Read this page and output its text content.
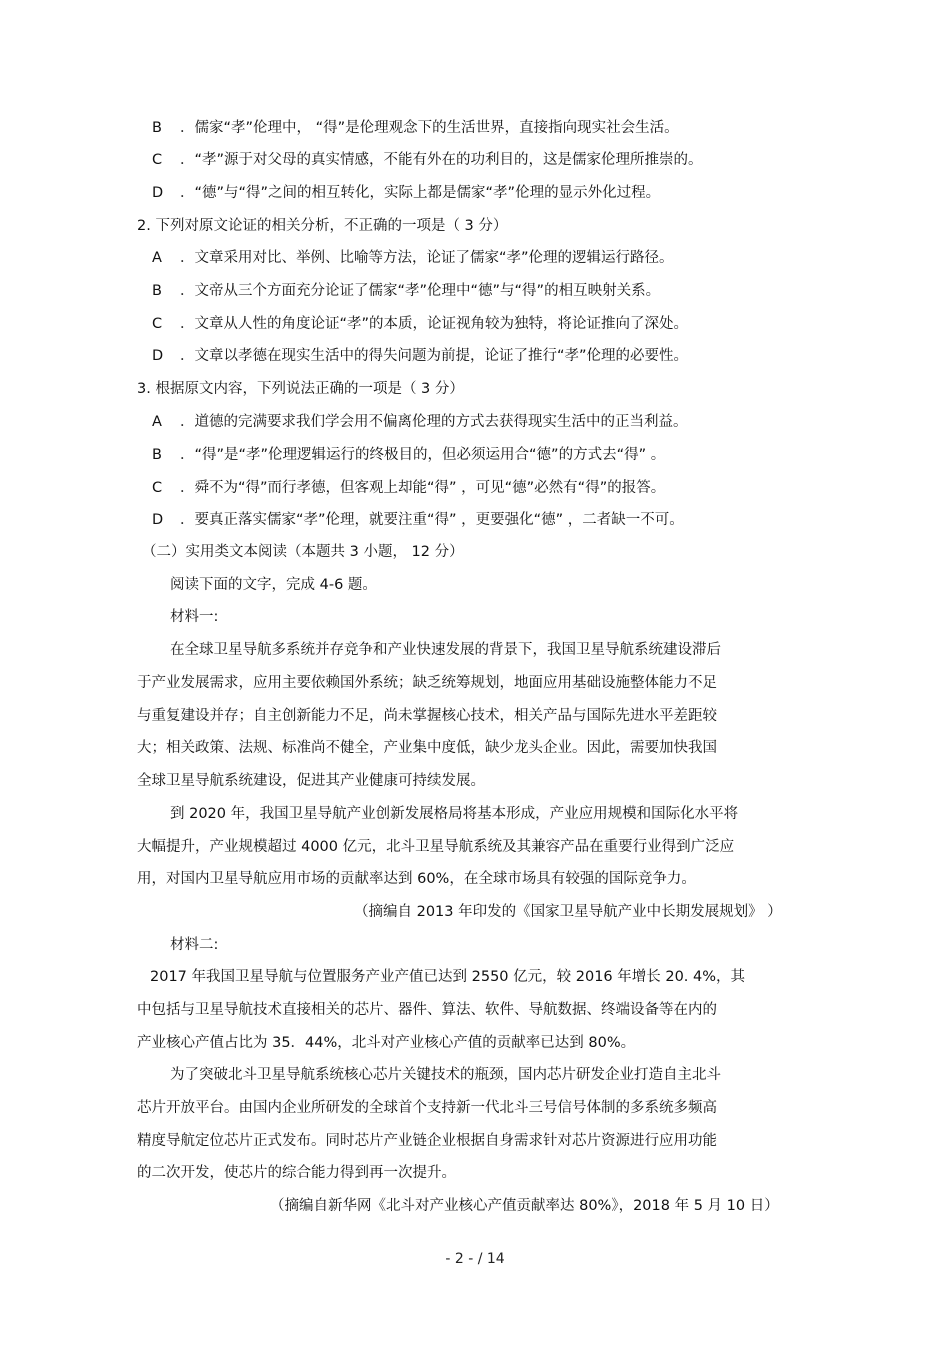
B ．儒家“孝”伦理中， “得”是伦理观念下的生活世界，直接指向现实社会生活。
C ．“孝”源于对父母的真实情感，不能有外在的功利目的，这是儒家伦理所推崇的。
D ．“德”与“得”之间的相互转化，实际上都是儒家“孝”伦理的显示外化过程。
2. 下列对原文论证的相关分析，不正确的一项是（ 3 分）
A ．文章采用对比、举例、比喻等方法，论证了儒家“孝”伦理的逻辑运行路径。
B ．文帝从三个方面充分论证了儒家“孝”伦理中“德”与“得”的相互映射关系。
C ．文章从人性的角度论证“孝”的本质，论证视角较为独特，将论证推向了深处。
D ．文章以孝德在现实生活中的得失问题为前提，论证了推行“孝”伦理的必要性。
3. 根据原文内容，下列说法正确的一项是（ 3 分）
A ．道德的完满要求我们学会用不偏离伦理的方式去获得现实生活中的正当利益。
B ．“得”是“孝”伦理逻辑运行的终极目的，但必须运用合“德”的方式去“得” 。
C ．舜不为“得”而行孝德，但客观上却能“得” ，可见“德”必然有“得”的报答。
D ．要真正落实儒家“孝”伦理，就要注重“得” ，更要强化“德” ，二者缺一不可。
（二）实用类文本阅读（本题共 3 小题， 12 分）
阅读下面的文字，完成 4-6 题。
材料一:
在全球卫星导航多系统并存竞争和产业快速发展的背景下，我国卫星导航系统建设滞后
于产业发展需求，应用主要依赖国外系统；缺乏统筹规划，地面应用基础设施整体能力不足
与重复建设并存；自主创新能力不足，尚未掌握核心技术，相关产品与国际先进水平差距较
大；相关政策、法规、标准尚不健全，产业集中度低，缺少龙头企业。因此，需要加快我国
全球卫星导航系统建设，促进其产业健康可持续发展。
到 2020 年，我国卫星导航产业创新发展格局将基本形成，产业应用规模和国际化水平将
大幅提升，产业规模超过 4000 亿元，北斗卫星导航系统及其兼容产品在重要行业得到广泛应
用，对国内卫星导航应用市场的贡献率达到 60%，在全球市场具有较强的国际竞争力。
（摘编自 2013 年印发的《国家卫星导航产业中长期发展规划》 ）
材料二:
2017 年我国卫星导航与位置服务产业产值已达到 2550 亿元，较 2016 年增长 20. 4%，其
中包括与卫星导航技术直接相关的芯片、器件、算法、软件、导航数据、终端设备等在内的
产业核心产值占比为 35．44%，北斗对产业核心产值的贡献率已达到 80%。
为了突破北斗卫星导航系统核心芯片关键技术的瓶颈，国内芯片研发企业打造自主北斗
芯片开放平台。由国内企业所研发的全球首个支持新一代北斗三号信号体制的多系统多频高
精度导航定位芯片正式发布。同时芯片产业链企业根据自身需求针对芯片资源进行应用功能
的二次开发，使芯片的综合能力得到再一次提升。
（摘编自新华网《北斗对产业核心产值贡献率达 80%》，2018 年 5 月 10 日）
- 2 - / 14
